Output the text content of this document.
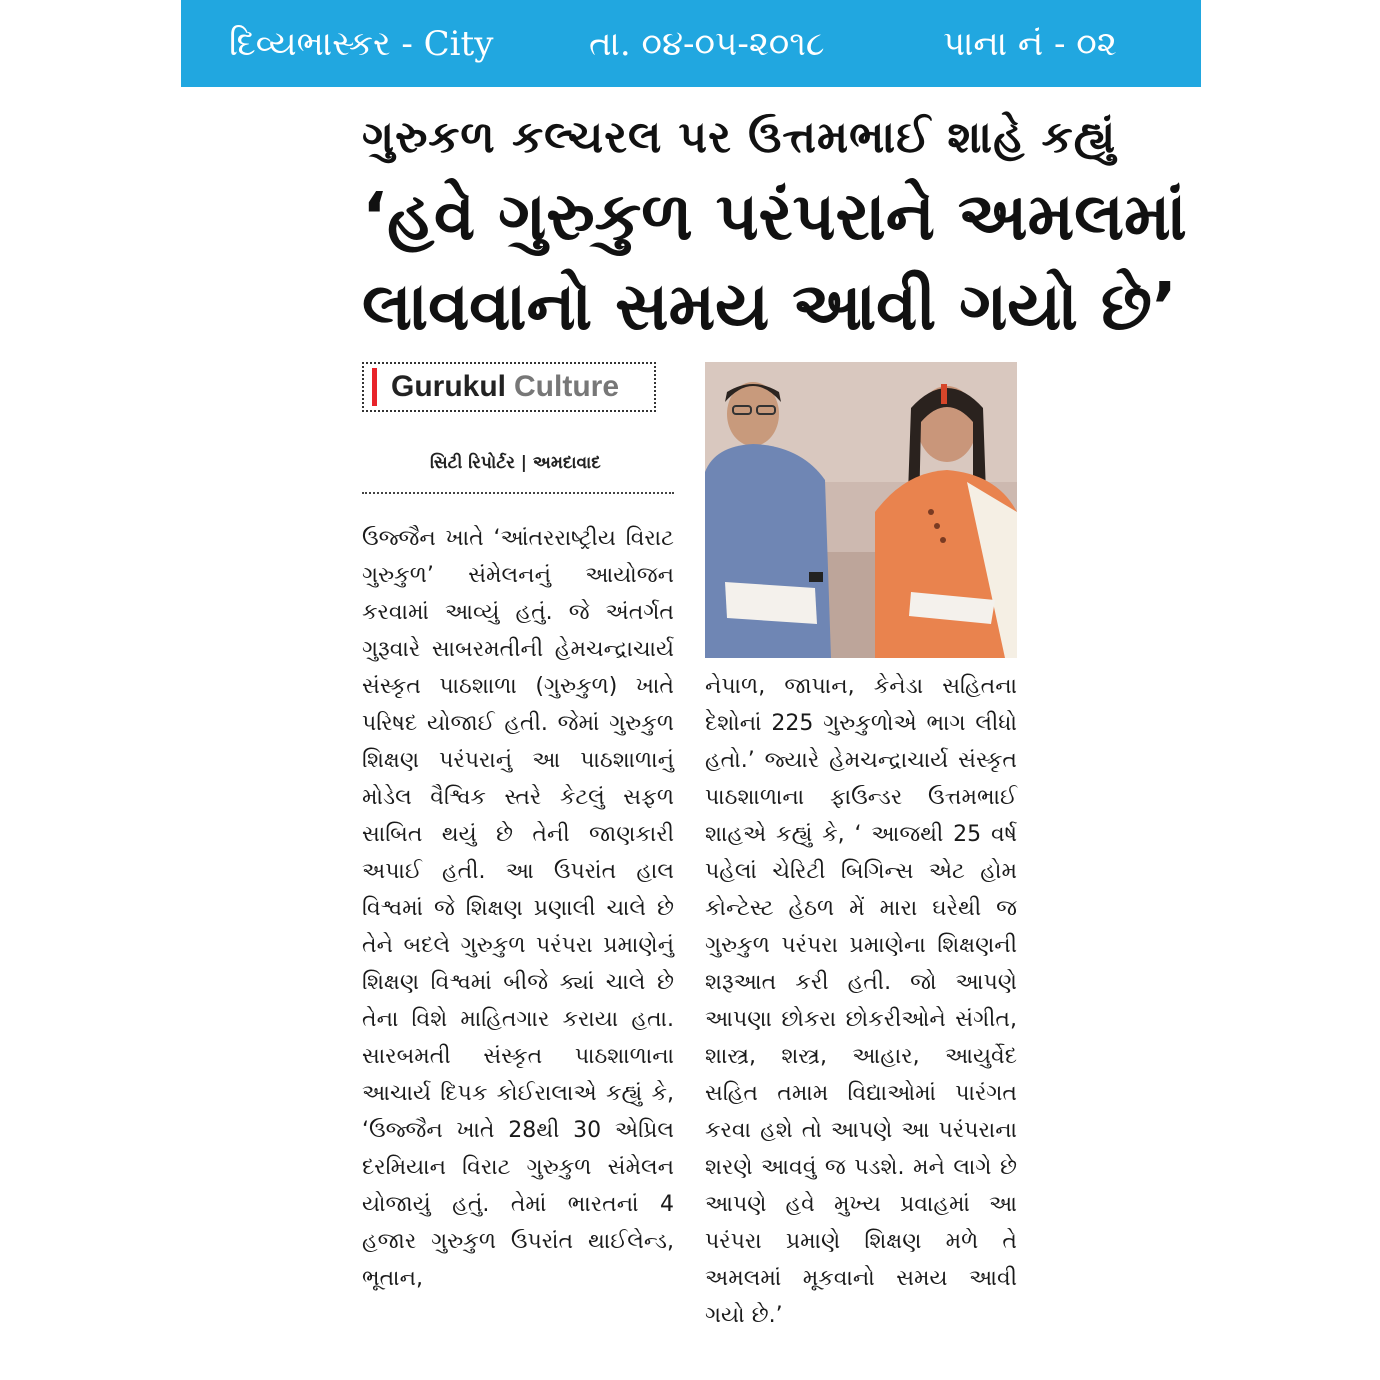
દિવ્યભાસ્કર - City	તા. ૦૪-૦૫-૨૦૧૮	પાના નં - ૦૨
ગુરુકળ કલ્ચરલ પર ઉત્તમભાઈ શાહે કહ્યું
‘હવે ગુરુકુળ પરંપરાને અમલમાં
લાવવાનો સમય આવી ગયો છે’
Gurukul Culture
સિટી રિપોર્ટર | અમદાવાદ
ઉજ્જૈન ખાતે ‘આંતરરાષ્ટ્રીય વિરાટ ગુરુકુળ’ સંમેલનનું આયોજન કરવામાં આવ્યું હતું. જે અંતર્ગત ગુરૂવારે સાબરમતીની હેમચન્દ્રાચાર્ય સંસ્કૃત પાઠશાળા (ગુરુકુળ) ખાતે પરિષદ યોજાઈ હતી. જેમાં ગુરુકુળ શિક્ષણ પરંપરાનું આ પાઠશાળાનું મોડેલ વૈશ્વિક સ્તરે કેટલું સફળ સાબિત થયું છે તેની જાણકારી અપાઈ હતી. આ ઉપરાંત હાલ વિશ્વમાં જે શિક્ષણ પ્રણાલી ચાલે છે તેને બદલે ગુરુકુળ પરંપરા પ્રમાણેનું શિક્ષણ વિશ્વમાં બીજે ક્યાં ચાલે છે તેના વિશે માહિતગાર કરાયા હતા. સારબમતી સંસ્કૃત પાઠશાળાના આચાર્ય દિપક કોઈરાલાએ કહ્યું કે, ‘ઉજ્જૈન ખાતે 28થી 30 એપ્રિલ દરમિયાન વિરાટ ગુરુકુળ સંમેલન યોજાયું હતું. તેમાં ભારતનાં 4 હજાર ગુરુકુળ ઉપરાંત થાઈલેન્ડ, ભૂતાન,
નેપાળ, જાપાન, કેનેડા સહિતના દેશોનાં 225 ગુરુકુળોએ ભાગ લીધો હતો.’ જ્યારે હેમચન્દ્રાચાર્ય સંસ્કૃત પાઠશાળાના ફાઉન્ડર ઉત્તમભાઈ શાહએ કહ્યું કે, ‘ આજથી 25 વર્ષ પહેલાં ચેરિટી બિગિન્સ એટ હોમ કોન્ટેસ્ટ હેઠળ મેં મારા ઘરેથી જ ગુરુકુળ પરંપરા પ્રમાણેના શિક્ષણની શરૂઆત કરી હતી. જો આપણે આપણા છોકરા છોકરીઓને સંગીત, શાસ્ત્ર, શસ્ત્ર, આહાર, આયુર્વેદ સહિત તમામ વિદ્યાઓમાં પારંગત કરવા હશે તો આપણે આ પરંપરાના શરણે આવવું જ પડશે. મને લાગે છે આપણે હવે મુખ્ય પ્રવાહમાં આ પરંપરા પ્રમાણે શિક્ષણ મળે તે અમલમાં મૂકવાનો સમય આવી ગયો છે.’
